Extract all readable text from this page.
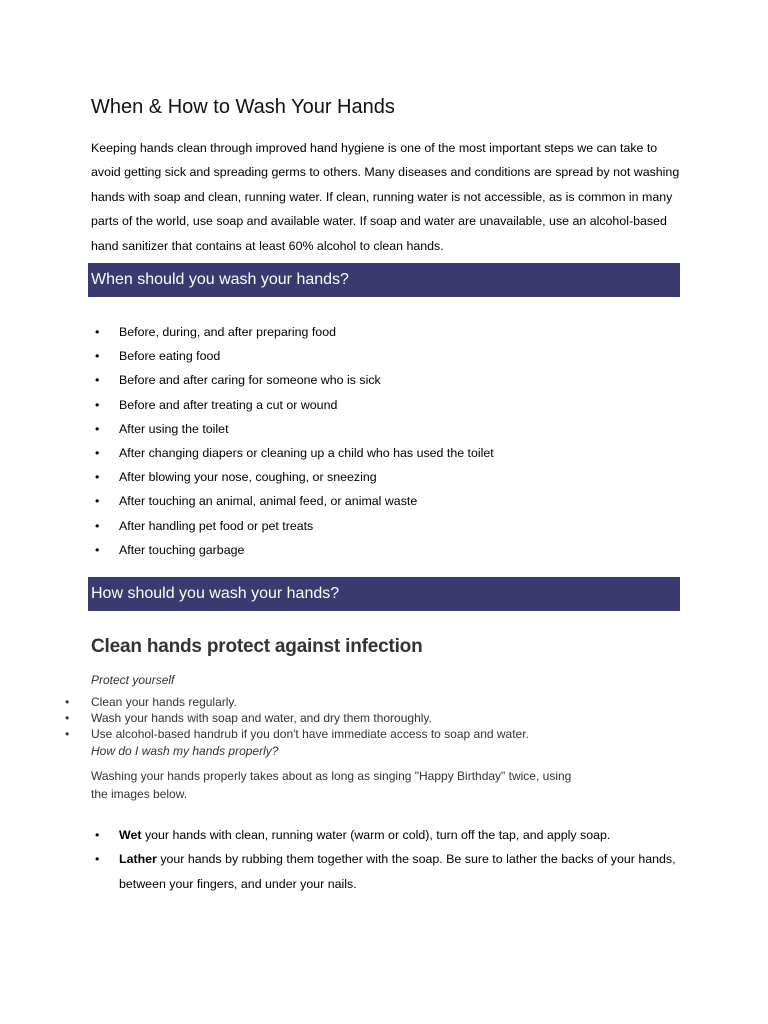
When & How to Wash Your Hands

Keeping hands clean through improved hand hygiene is one of the most important steps we can take to avoid getting sick and spreading germs to others. Many diseases and conditions are spread by not washing hands with soap and clean, running water. If clean, running water is not accessible, as is common in many parts of the world, use soap and available water. If soap and water are unavailable, use an alcohol-based hand sanitizer that contains at least 60% alcohol to clean hands.

When should you wash your hands?
• Before, during, and after preparing food
• Before eating food
• Before and after caring for someone who is sick
• Before and after treating a cut or wound
• After using the toilet
• After changing diapers or cleaning up a child who has used the toilet
• After blowing your nose, coughing, or sneezing
• After touching an animal, animal feed, or animal waste
• After handling pet food or pet treats
• After touching garbage
How should you wash your hands?
Clean hands protect against infection

Protect yourself

• Clean your hands regularly.
• Wash your hands with soap and water, and dry them thoroughly.
• Use alcohol-based handrub if you don't have immediate access to soap and water.

How do I wash my hands properly?

Washing your hands properly takes about as long as singing "Happy Birthday" twice, using the images below.

• Wet your hands with clean, running water (warm or cold), turn off the tap, and apply soap.
• Lather your hands by rubbing them together with the soap. Be sure to lather the backs of your hands, between your fingers, and under your nails.
